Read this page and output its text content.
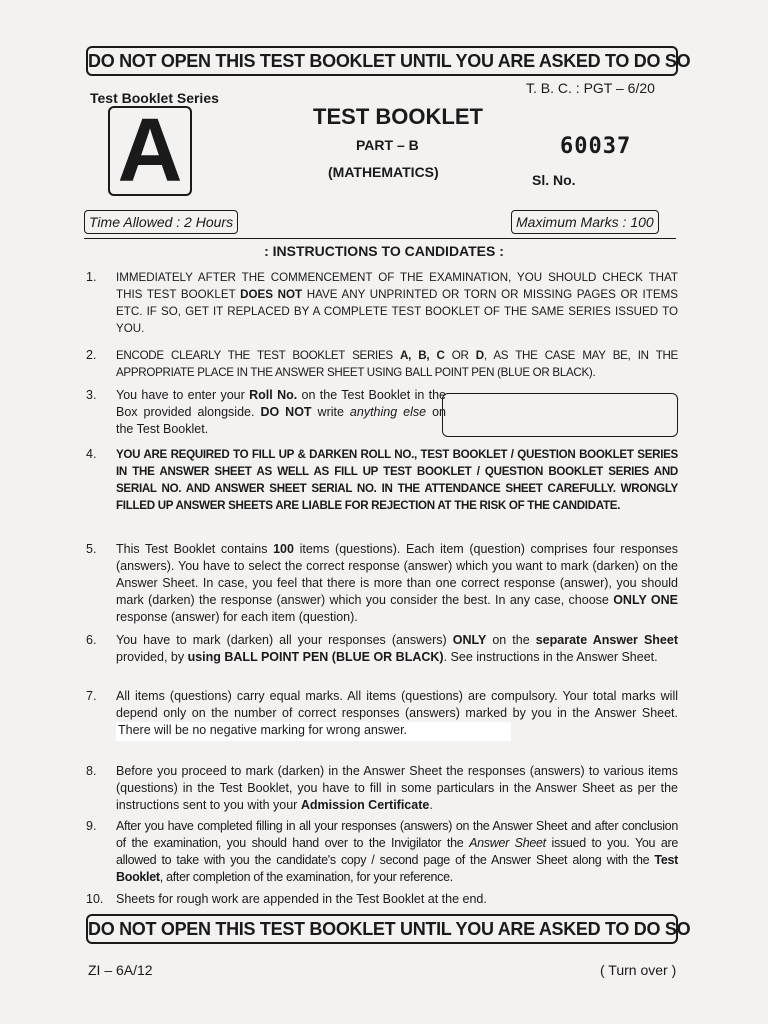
DO NOT OPEN THIS TEST BOOKLET UNTIL YOU ARE ASKED TO DO SO
Test Booklet Series
A	TEST BOOKLET
PART – B
(MATHEMATICS)
T. B. C. : PGT – 6/20
60037
Sl. No.
Time Allowed : 2 Hours	Maximum Marks : 100
: INSTRUCTIONS TO CANDIDATES :
1. IMMEDIATELY AFTER THE COMMENCEMENT OF THE EXAMINATION, YOU SHOULD CHECK THAT THIS TEST BOOKLET DOES NOT HAVE ANY UNPRINTED OR TORN OR MISSING PAGES OR ITEMS ETC. IF SO, GET IT REPLACED BY A COMPLETE TEST BOOKLET OF THE SAME SERIES ISSUED TO YOU.
2. ENCODE CLEARLY THE TEST BOOKLET SERIES A, B, C OR D, AS THE CASE MAY BE, IN THE APPROPRIATE PLACE IN THE ANSWER SHEET USING BALL POINT PEN (BLUE OR BLACK).
3. You have to enter your Roll No. on the Test Booklet in the Box provided alongside. DO NOT write anything else on the Test Booklet.
4. YOU ARE REQUIRED TO FILL UP & DARKEN ROLL NO., TEST BOOKLET / QUESTION BOOKLET SERIES IN THE ANSWER SHEET AS WELL AS FILL UP TEST BOOKLET / QUESTION BOOKLET SERIES AND SERIAL NO. AND ANSWER SHEET SERIAL NO. IN THE ATTENDANCE SHEET CAREFULLY. WRONGLY FILLED UP ANSWER SHEETS ARE LIABLE FOR REJECTION AT THE RISK OF THE CANDIDATE.
5. This Test Booklet contains 100 items (questions). Each item (question) comprises four responses (answers). You have to select the correct response (answer) which you want to mark (darken) on the Answer Sheet. In case, you feel that there is more than one correct response (answer), you should mark (darken) the response (answer) which you consider the best. In any case, choose ONLY ONE response (answer) for each item (question).
6. You have to mark (darken) all your responses (answers) ONLY on the separate Answer Sheet provided, by using BALL POINT PEN (BLUE OR BLACK). See instructions in the Answer Sheet.
7. All items (questions) carry equal marks. All items (questions) are compulsory. Your total marks will depend only on the number of correct responses (answers) marked by you in the Answer Sheet.There will be no negative marking for wrong answer.
8. Before you proceed to mark (darken) in the Answer Sheet the responses (answers) to various items (questions) in the Test Booklet, you have to fill in some particulars in the Answer Sheet as per the instructions sent to you with your Admission Certificate.
9. After you have completed filling in all your responses (answers) on the Answer Sheet and after conclusion of the examination, you should hand over to the Invigilator the Answer Sheet issued to you. You are allowed to take with you the candidate's copy / second page of the Answer Sheet along with the Test Booklet, after completion of the examination, for your reference.
10. Sheets for rough work are appended in the Test Booklet at the end.
DO NOT OPEN THIS TEST BOOKLET UNTIL YOU ARE ASKED TO DO SO
ZI – 6A/12	( Turn over )
